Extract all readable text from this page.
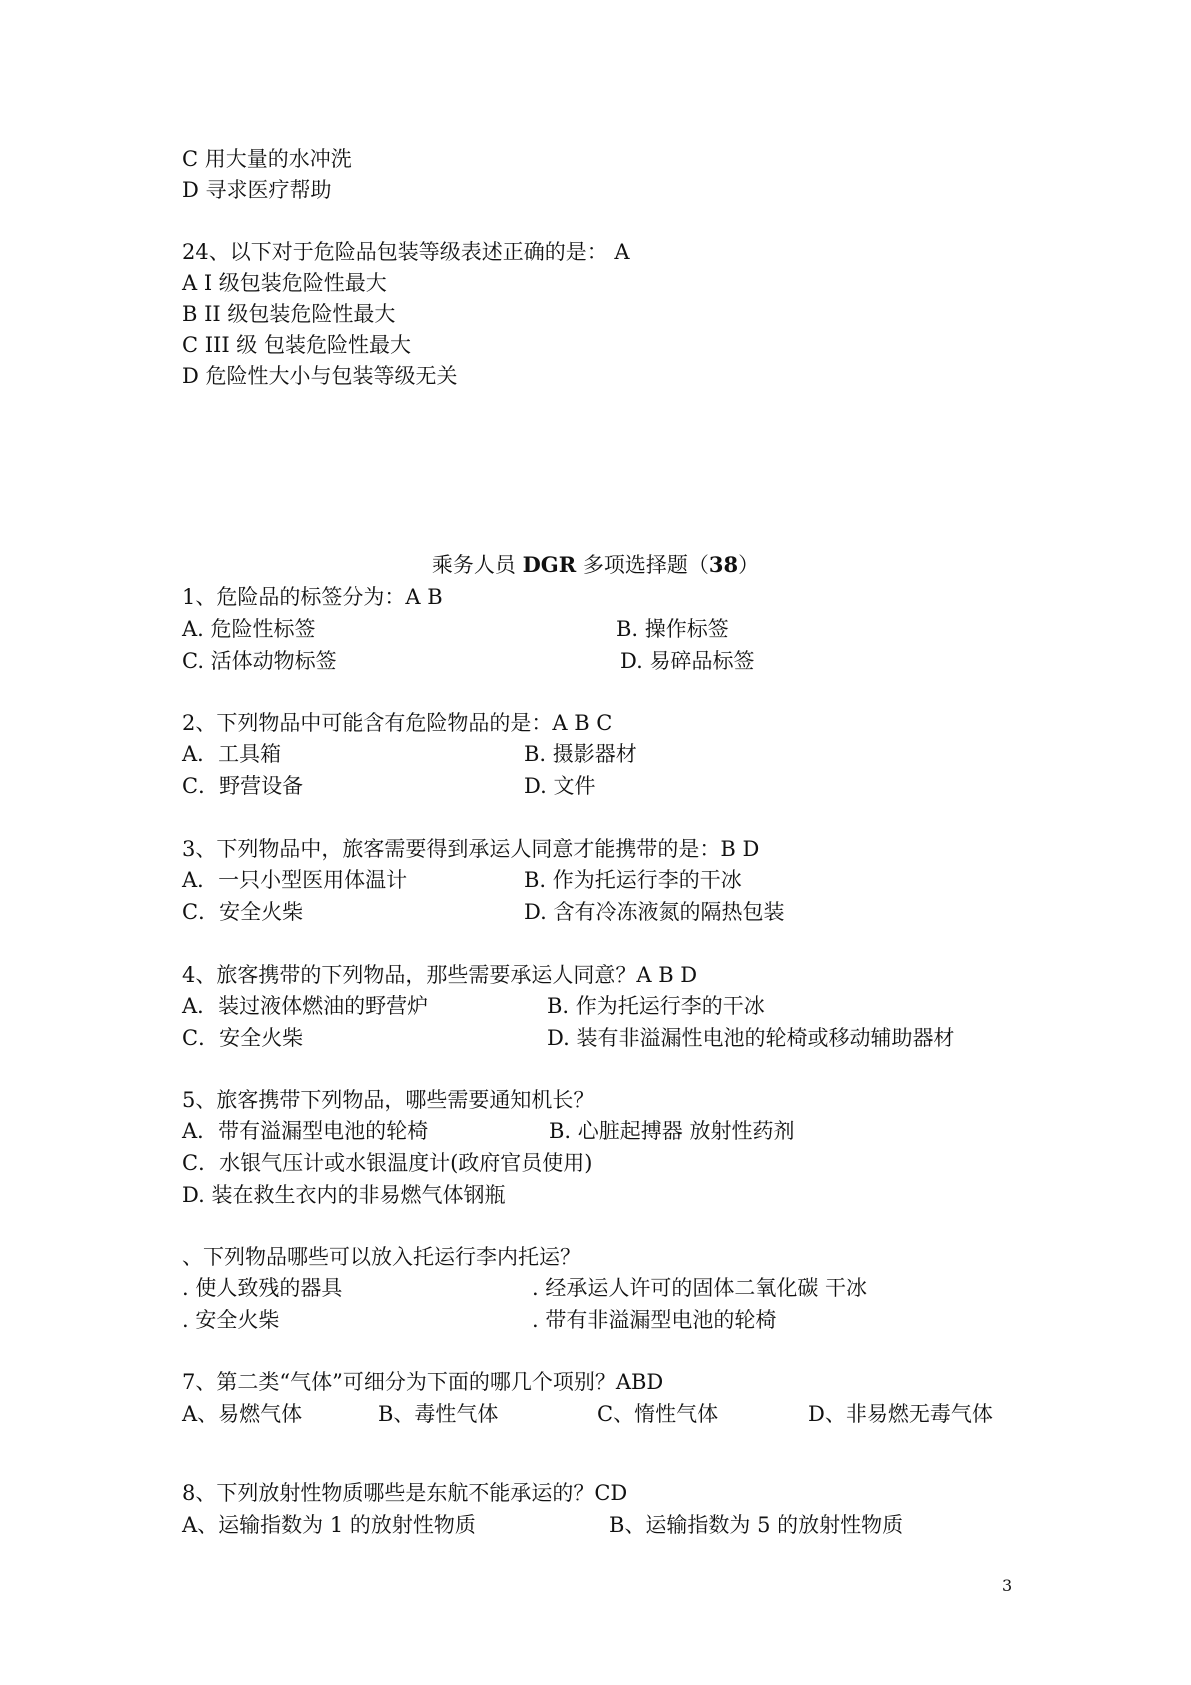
C 用大量的水冲洗
D 寻求医疗帮助
24、以下对于危险品包装等级表述正确的是： A
A I 级包装危险性最大
B II 级包装危险性最大
C III 级 包装危险性最大
D 危险性大小与包装等级无关
乘务人员 DGR 多项选择题（38）
1、危险品的标签分为：A B
A. 危险性标签	B. 操作标签
C. 活体动物标签	D. 易碎品标签
2、下列物品中可能含有危险物品的是：A B C
A．工具箱	B. 摄影器材
C．野营设备	D. 文件
3、下列物品中，旅客需要得到承运人同意才能携带的是：B D
A．一只小型医用体温计	B. 作为托运行李的干冰
C．安全火柴	D. 含有冷冻液氮的隔热包装
4、旅客携带的下列物品，那些需要承运人同意？A B D
A．装过液体燃油的野营炉	B. 作为托运行李的干冰
C．安全火柴	D. 装有非溢漏性电池的轮椅或移动辅助器材
5、旅客携带下列物品，哪些需要通知机长？
A．带有溢漏型电池的轮椅	B. 心脏起搏器 放射性药剂
C．水银气压计或水银温度计(政府官员使用)
D. 装在救生衣内的非易燃气体钢瓶
、下列物品哪些可以放入托运行李内托运？
. 使人致残的器具	. 经承运人许可的固体二氧化碳 干冰
. 安全火柴	. 带有非溢漏型电池的轮椅
7、第二类“气体”可细分为下面的哪几个项别？ABD
A、易燃气体	B、毒性气体	C、惰性气体	D、非易燃无毒气体
8、下列放射性物质哪些是东航不能承运的？CD
A、运输指数为 1 的放射性物质	B、运输指数为 5 的放射性物质
3
